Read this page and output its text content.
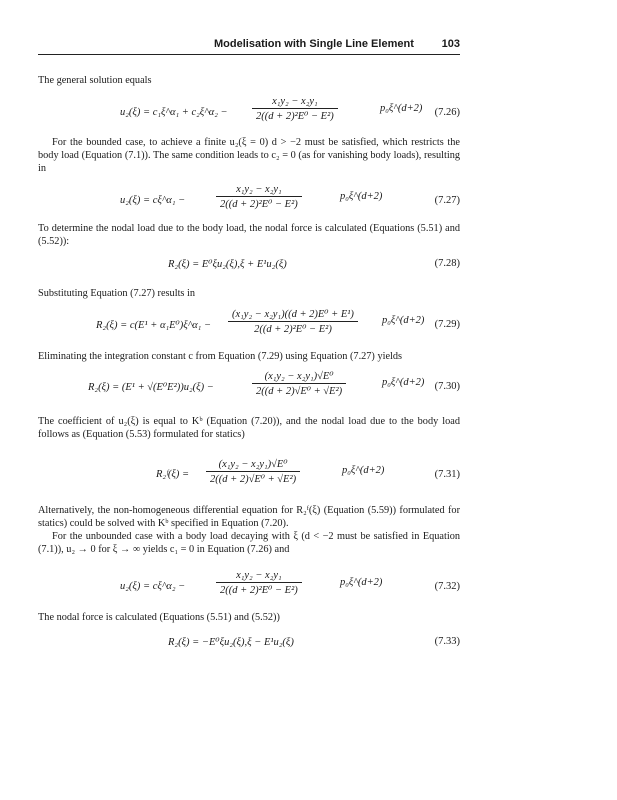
Modelisation with Single Line Element	103
The general solution equals
u₂(ξ) = c₁ξ^α₁ + c₂ξ^α₂ −
x₁y₂ − x₂y₁
2((d + 2)²E⁰ − E²)
p₀ξ^(d+2) (7.26)
For the bounded case, to achieve a finite u₂(ξ = 0) d > −2 must be satisfied, which restricts the body load (Equation (7.1)). The same condition leads to c₂ = 0 (as for vanishing body loads), resulting in
u₂(ξ) = cξ^α₁ −
x₁y₂ − x₂y₁
2((d + 2)²E⁰ − E²)
p₀ξ^(d+2)	(7.27)
To determine the nodal load due to the body load, the nodal force is calculated (Equations (5.51) and (5.52)):
R₂(ξ) = E⁰ξu₂(ξ),ξ + E¹u₂(ξ)	(7.28)
Substituting Equation (7.27) results in
R₂(ξ) = c(E¹ + α₁E⁰)ξ^α₁ −
(x₁y₂ − x₂y₁)((d + 2)E⁰ + E¹)
2((d + 2)²E⁰ − E²)
p₀ξ^(d+2) (7.29)
Eliminating the integration constant c from Equation (7.29) using Equation (7.27) yields
R₂(ξ) = (E¹ + √(E⁰E²))u₂(ξ) −
(x₁y₂ − x₂y₁)√E⁰
2((d + 2)√E⁰ + √E²)
p₀ξ^(d+2) (7.30)
The coefficient of u₂(ξ) is equal to Kᵇ (Equation (7.20)), and the nodal load due to the body load follows as (Equation (5.53) formulated for statics)
R₂ᶠ(ξ) =
(x₁y₂ − x₂y₁)√E⁰
2((d + 2)√E⁰ + √E²)
p₀ξ^(d+2)	(7.31)
Alternatively, the non-homogeneous differential equation for R₂ᶠ(ξ) (Equation (5.59)) formulated for statics) could be solved with Kᵇ specified in Equation (7.20).
For the unbounded case with a body load decaying with ξ (d < −2 must be satisfied in Equation (7.1)), u₂ → 0 for ξ → ∞ yields c₁ = 0 in Equation (7.26) and
u₂(ξ) = cξ^α₂ −
x₁y₂ − x₂y₁
2((d + 2)²E⁰ − E²)
p₀ξ^(d+2)	(7.32)
The nodal force is calculated (Equations (5.51) and (5.52))
R₂(ξ) = −E⁰ξu₂(ξ),ξ − E¹u₂(ξ)	(7.33)
